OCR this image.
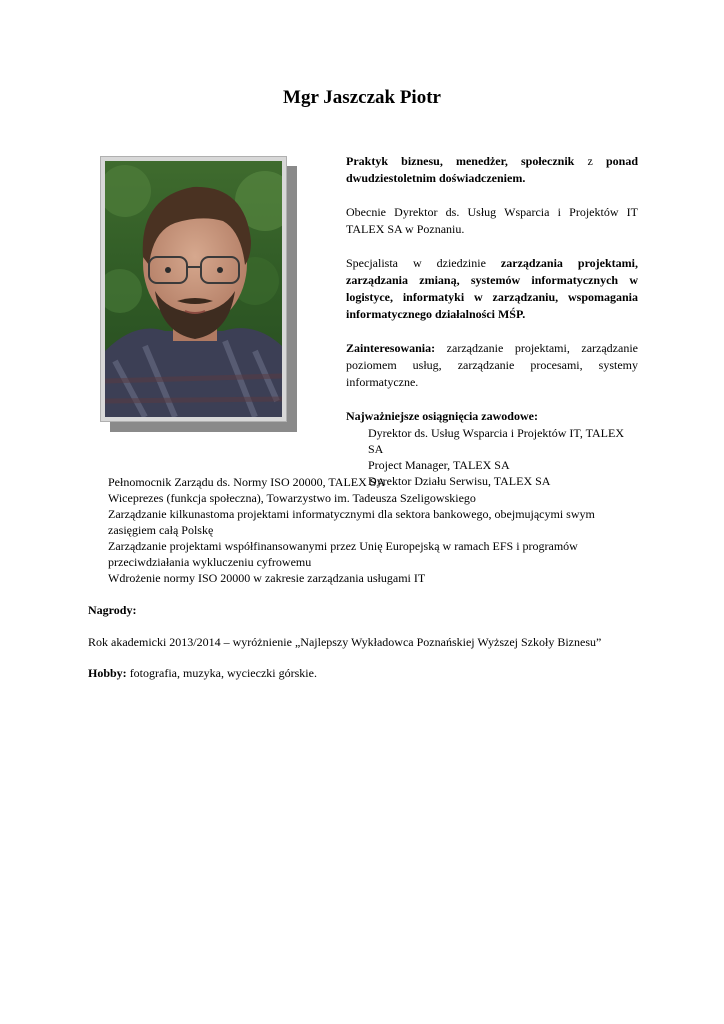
Mgr Jaszczak Piotr

Praktyk biznesu, menedżer, społecznik z ponad dwudziestoletnim doświadczeniem.

Obecnie Dyrektor ds. Usług Wsparcia i Projektów IT TALEX SA w Poznaniu.

Specjalista w dziedzinie zarządzania projektami, zarządzania zmianą, systemów informatycznych w logistyce, informatyki w zarządzaniu, wspomagania informatycznego działalności MŚP.

Zainteresowania: zarządzanie projektami, zarządzanie poziomem usług, zarządzanie procesami, systemy informatyczne.

Najważniejsze osiągnięcia zawodowe:
Dyrektor ds. Usług Wsparcia i Projektów IT, TALEX SA
Project Manager, TALEX SA
Dyrektor Działu Serwisu, TALEX SA
Pełnomocnik Zarządu ds. Normy ISO 20000, TALEX SA
Wiceprezes (funkcja społeczna), Towarzystwo im. Tadeusza Szeligowskiego
Zarządzanie kilkunastoma projektami informatycznymi dla sektora bankowego, obejmującymi swym zasięgiem całą Polskę
Zarządzanie projektami współfinansowanymi przez Unię Europejską w ramach EFS i programów przeciwdziałania wykluczeniu cyfrowemu
Wdrożenie normy ISO 20000 w zakresie zarządzania usługami IT
Nagrody:
Rok akademicki 2013/2014 – wyróżnienie „Najlepszy Wykładowca Poznańskiej Wyższej Szkoły Biznesu”
Hobby: fotografia, muzyka, wycieczki górskie.
